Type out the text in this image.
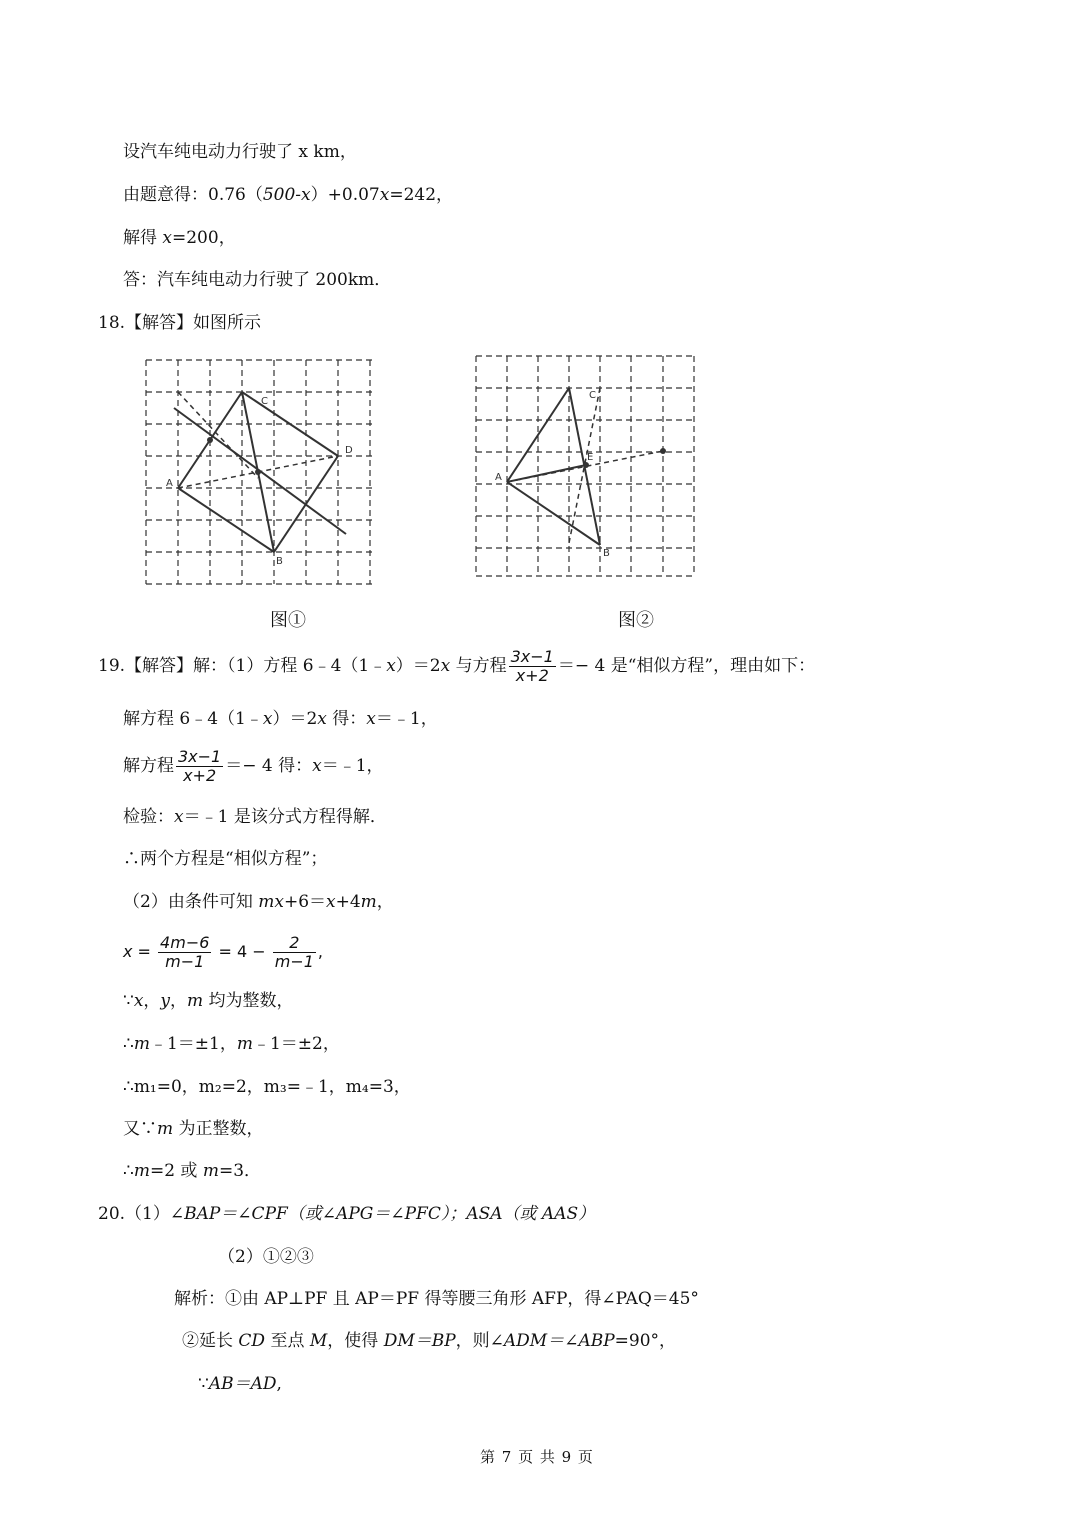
设汽车纯电动力行驶了 x km，
由题意得：0.76（500-x）+0.07x=242，
解得 x=200，
答：汽车纯电动力行驶了 200km．
18.【解答】如图所示
A
B
C
D
A
B
C
E
图①	图②
19.【解答】解：（1）方程 6﹣4（1﹣x）＝2x 与方程 $\frac{3x-1}{x+2} =- 4$ 是“相似方程”，理由如下：
解方程 6﹣4（1﹣x）＝2x 得：x＝﹣1，
解方程 $\frac{3x-1}{x+2} =- 4$ 得：x＝﹣1，
检验：x＝﹣1 是该分式方程得解．
∴两个方程是“相似方程”；
（2）由条件可知 mx+6＝x+4m，
$x = \frac{4m-6}{m-1} = 4 - \frac{2}{m-1}$ ,
∵x，y，m 均为整数，
∴m﹣1＝±1，m﹣1＝±2，
∴m₁=0，m₂=2，m₃=﹣1，m₄=3，
又∵m 为正整数，
∴m=2 或 m=3．
20.（1）∠BAP＝∠CPF（或∠APG＝∠PFC）；ASA（或 AAS）
（2）①②③
解析：①由 AP⊥PF 且 AP＝PF 得等腰三角形 AFP，得∠PAQ＝45°
②延长 CD 至点 M，使得 DM＝BP，则∠ADM＝∠ABP=90°，
∵AB＝AD,
第 7 页 共 9 页
